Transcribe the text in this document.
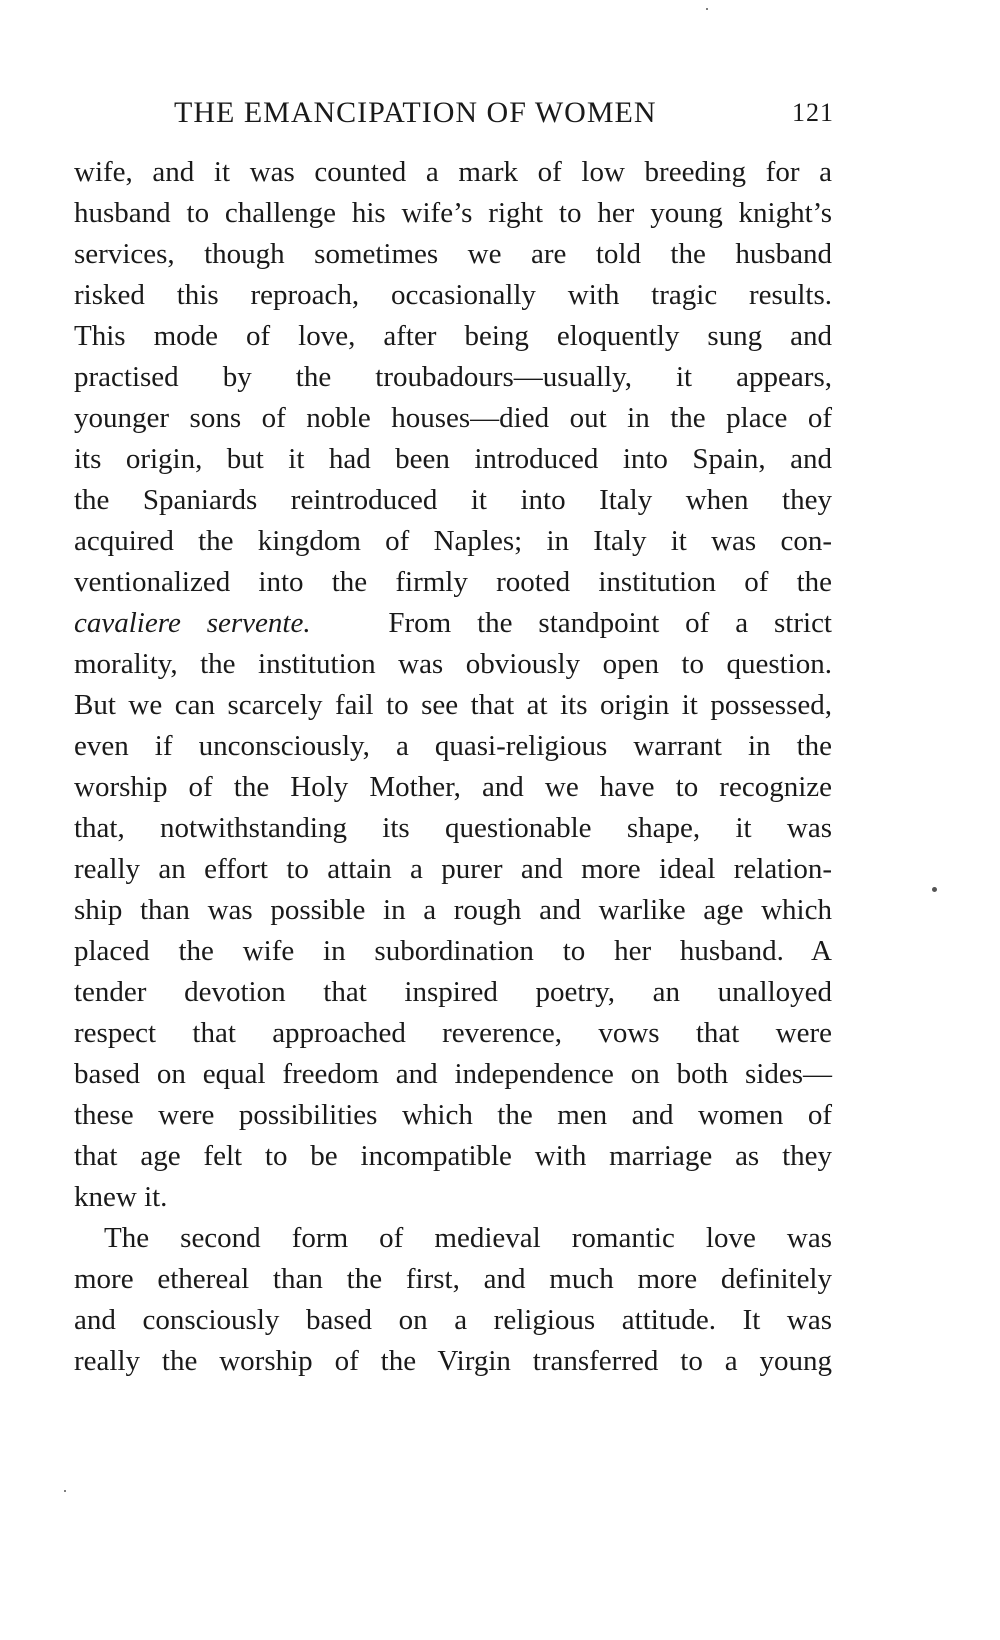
THE EMANCIPATION OF WOMEN	121
wife, and it was counted a mark of low breeding for a
husband to challenge his wife’s right to her young knight’s
services, though sometimes we are told the husband
risked this reproach, occasionally with tragic results.
This mode of love, after being eloquently sung and
practised by the troubadours—usually, it appears,
younger sons of noble houses—died out in the place of
its origin, but it had been introduced into Spain, and
the Spaniards reintroduced it into Italy when they
acquired the kingdom of Naples; in Italy it was con-
ventionalized into the firmly rooted institution of the
cavaliere servente.	From the standpoint of a strict
morality, the institution was obviously open to question.
But we can scarcely fail to see that at its origin it possessed,
even if unconsciously, a quasi-religious warrant in the
worship of the Holy Mother, and we have to recognize
that, notwithstanding its questionable shape, it was
really an effort to attain a purer and more ideal relation-
ship than was possible in a rough and warlike age which
placed the wife in subordination to her husband. A
tender devotion that inspired poetry, an unalloyed
respect that approached reverence, vows that were
based on equal freedom and independence on both sides—
these were possibilities which the men and women of
that age felt to be incompatible with marriage as they
knew it.
The second form of medieval romantic love was
more ethereal than the first, and much more definitely
and consciously based on a religious attitude. It was
really the worship of the Virgin transferred to a young
